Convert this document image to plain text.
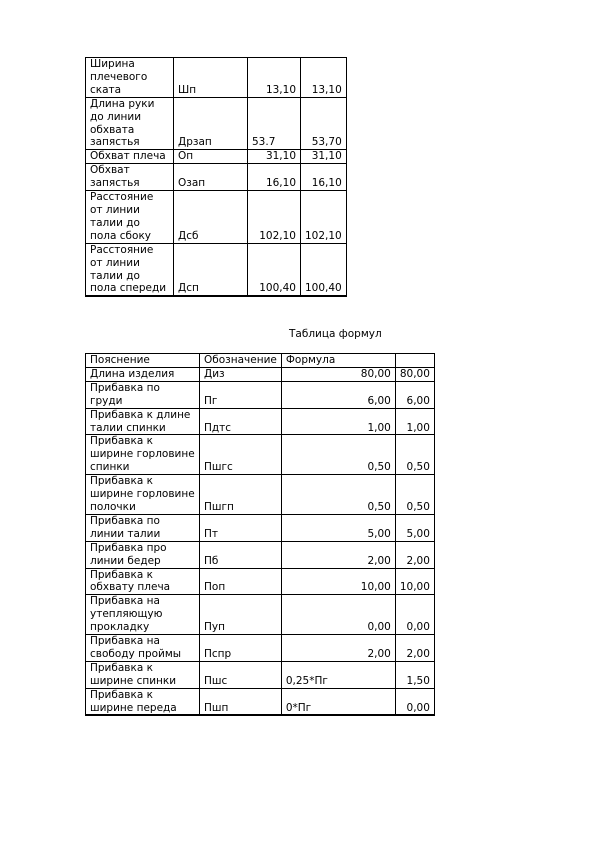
Ширина плечевого ската	Шп	13,10	13,10
Длина руки до линии обхвата запястья	Дрзап	53.7	53,70
Обхват плеча	Оп	31,10	31,10
Обхват запястья	Озап	16,10	16,10
Расстояние от линии талии до пола сбоку	Дсб	102,10	102,10
Расстояние от линии талии до пола спереди	Дсп	100,40	100,40
Таблица формул
Пояснение	Обозначение	Формула	
Длина изделия	Диз	80,00	80,00
Прибавка по груди	Пг	6,00	6,00
Прибавка к длине талии спинки	Пдтс	1,00	1,00
Прибавка к ширине горловине спинки	Пшгс	0,50	0,50
Прибавка к ширине горловине полочки	Пшгп	0,50	0,50
Прибавка по линии талии	Пт	5,00	5,00
Прибавка про линии бедер	Пб	2,00	2,00
Прибавка к обхвату плеча	Поп	10,00	10,00
Прибавка на утепляющую прокладку	Пуп	0,00	0,00
Прибавка на свободу проймы	Пспр	2,00	2,00
Прибавка к ширине спинки	Пшс	0,25*Пг	1,50
Прибавка к ширине переда	Пшп	0*Пг	0,00
